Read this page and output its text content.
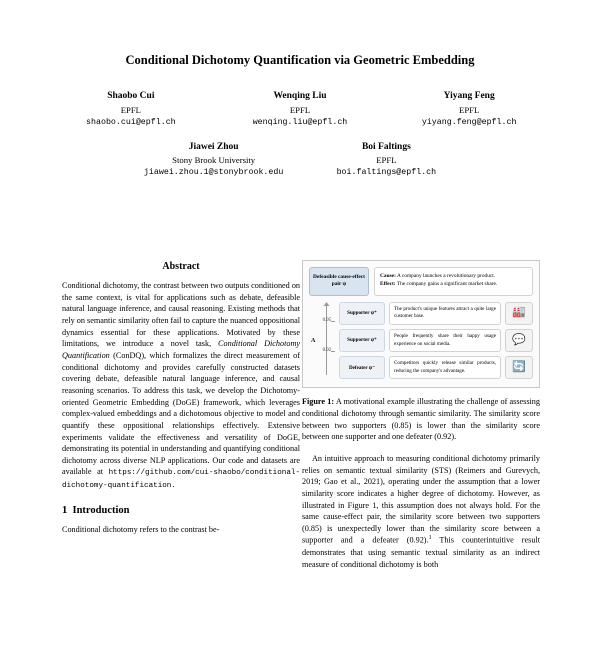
Conditional Dichotomy Quantification via Geometric Embedding
Shaobo Cui
EPFL
shaobo.cui@epfl.ch
Wenqing Liu
EPFL
wenqing.liu@epfl.ch
Yiyang Feng
EPFL
yiyang.feng@epfl.ch
Jiawei Zhou
Stony Brook University
jiawei.zhou.1@stonybrook.edu
Boi Faltings
EPFL
boi.faltings@epfl.ch
Abstract

Conditional dichotomy, the contrast between two outputs conditioned on the same context, is vital for applications such as debate, defeasible natural language inference, and causal reasoning. Existing methods that rely on semantic similarity often fail to capture the nuanced oppositional dynamics essential for these applications. Motivated by these limitations, we introduce a novel task, Conditional Dichotomy Quantification (ConDQ), which formalizes the direct measurement of conditional dichotomy and provides carefully constructed datasets covering debate, defeasible natural language inference, and causal reasoning scenarios. To address this task, we develop the Dichotomy-oriented Geometric Embedding (DoGE) framework, which leverages complex-valued embeddings and a dichotomous objective to model and quantify these oppositional relationships effectively. Extensive experiments validate the effectiveness and versatility of DoGE, demonstrating its potential in understanding and quantifying conditional dichotomy across diverse NLP applications. Our code and datasets are available at https://github.com/cui-shaobo/conditional-dichotomy-quantification.

1 Introduction

Conditional dichotomy refers to the contrast be-

Defeasible cause-effect pair ψ
Cause: A company launches a revolutionary product.
Effect: The company gains a significant market share.
0.95
0.92
A
Supporter ψ⁺
The product's unique features attract a quite large customer base.	🏭
Supporter ψ⁺
People frequently share their happy usage experience on social media.	💬
Defeater ψ⁻
Competitors quickly release similar products, reducing the company's advantage.	🔄
Figure 1: A motivational example illustrating the challenge of assessing conditional dichotomy through semantic similarity. The similarity score between two supporters (0.85) is lower than the similarity score between one supporter and one defeater (0.92).

An intuitive approach to measuring conditional dichotomy primarily relies on semantic textual similarity (STS) (Reimers and Gurevych, 2019; Gao et al., 2021), operating under the assumption that a lower similarity score indicates a higher degree of dichotomy. However, as illustrated in Figure 1, this assumption does not always hold. For the same cause-effect pair, the similarity score between two supporters (0.85) is unexpectedly lower than the similarity score between a supporter and a defeater (0.92).$^1$ This counterintuitive result demonstrates that using semantic textual similarity as an indirect measure of conditional dichotomy is both
